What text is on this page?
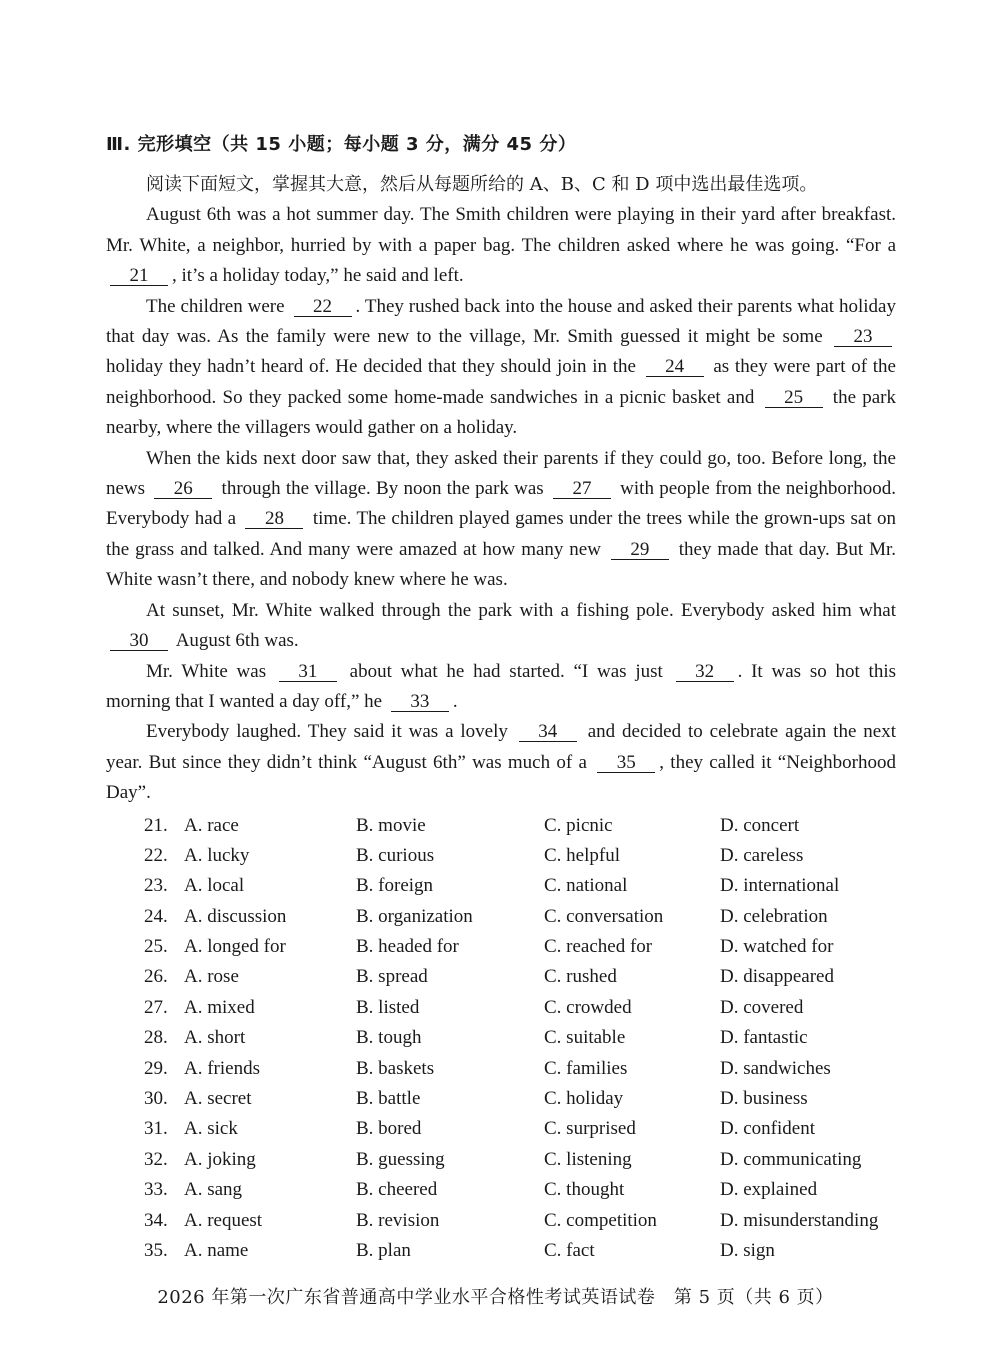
Ⅲ. 完形填空（共 15 小题；每小题 3 分，满分 45 分）

阅读下面短文，掌握其大意，然后从每题所给的 A、B、C 和 D 项中选出最佳选项。

August 6th was a hot summer day. The Smith children were playing in their yard after breakfast. Mr. White, a neighbor, hurried by with a paper bag. The children asked where he was going. “For a 21 , it’s a holiday today,” he said and left.

The children were 22 . They rushed back into the house and asked their parents what holiday that day was. As the family were new to the village, Mr. Smith guessed it might be some 23 holiday they hadn’t heard of. He decided that they should join in the 24 as they were part of the neighborhood. So they packed some home-made sandwiches in a picnic basket and 25 the park nearby, where the villagers would gather on a holiday.

When the kids next door saw that, they asked their parents if they could go, too. Before long, the news 26 through the village. By noon the park was 27 with people from the neighborhood. Everybody had a 28 time. The children played games under the trees while the grown-ups sat on the grass and talked. And many were amazed at how many new 29 they made that day. But Mr. White wasn’t there, and nobody knew where he was.

At sunset, Mr. White walked through the park with a fishing pole. Everybody asked him what 30 August 6th was.

Mr. White was 31 about what he had started. “I was just 32 . It was so hot this morning that I wanted a day off,” he 33 .

Everybody laughed. They said it was a lovely 34 and decided to celebrate again the next year. But since they didn’t think “August 6th” was much of a 35 , they called it “Neighborhood Day”.

21. A. race	B. movie	C. picnic	D. concert
22. A. lucky	B. curious	C. helpful	D. careless
23. A. local	B. foreign	C. national	D. international
24. A. discussion	B. organization	C. conversation	D. celebration
25. A. longed for	B. headed for	C. reached for	D. watched for
26. A. rose	B. spread	C. rushed	D. disappeared
27. A. mixed	B. listed	C. crowded	D. covered
28. A. short	B. tough	C. suitable	D. fantastic
29. A. friends	B. baskets	C. families	D. sandwiches
30. A. secret	B. battle	C. holiday	D. business
31. A. sick	B. bored	C. surprised	D. confident
32. A. joking	B. guessing	C. listening	D. communicating
33. A. sang	B. cheered	C. thought	D. explained
34. A. request	B. revision	C. competition	D. misunderstanding
35. A. name	B. plan	C. fact	D. sign
2026 年第一次广东省普通高中学业水平合格性考试英语试卷　第 5 页（共 6 页）
